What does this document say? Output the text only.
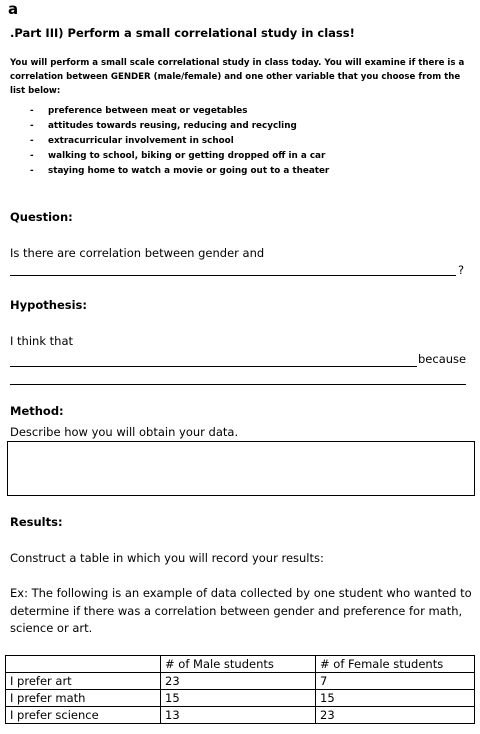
a
.Part III) Perform a small correlational study in class!
You will perform a small scale correlational study in class today. You will examine if there is a correlation between GENDER (male/female) and one other variable that you choose from the list below:
- preference between meat or vegetables
- attitudes towards reusing, reducing and recycling
- extracurricular involvement in school
- walking to school, biking or getting dropped off in a car
- staying home to watch a movie or going out to a theater
Question:
Is there are correlation between gender and
?
Hypothesis:
I think that
because
Method:
Describe how you will obtain your data.
Results:
Construct a table in which you will record your results:
Ex: The following is an example of data collected by one student who wanted to determine if there was a correlation between gender and preference for math, science or art.
	# of Male students	# of Female students
I prefer art	23	7
I prefer math	15	15
I prefer science	13	23
